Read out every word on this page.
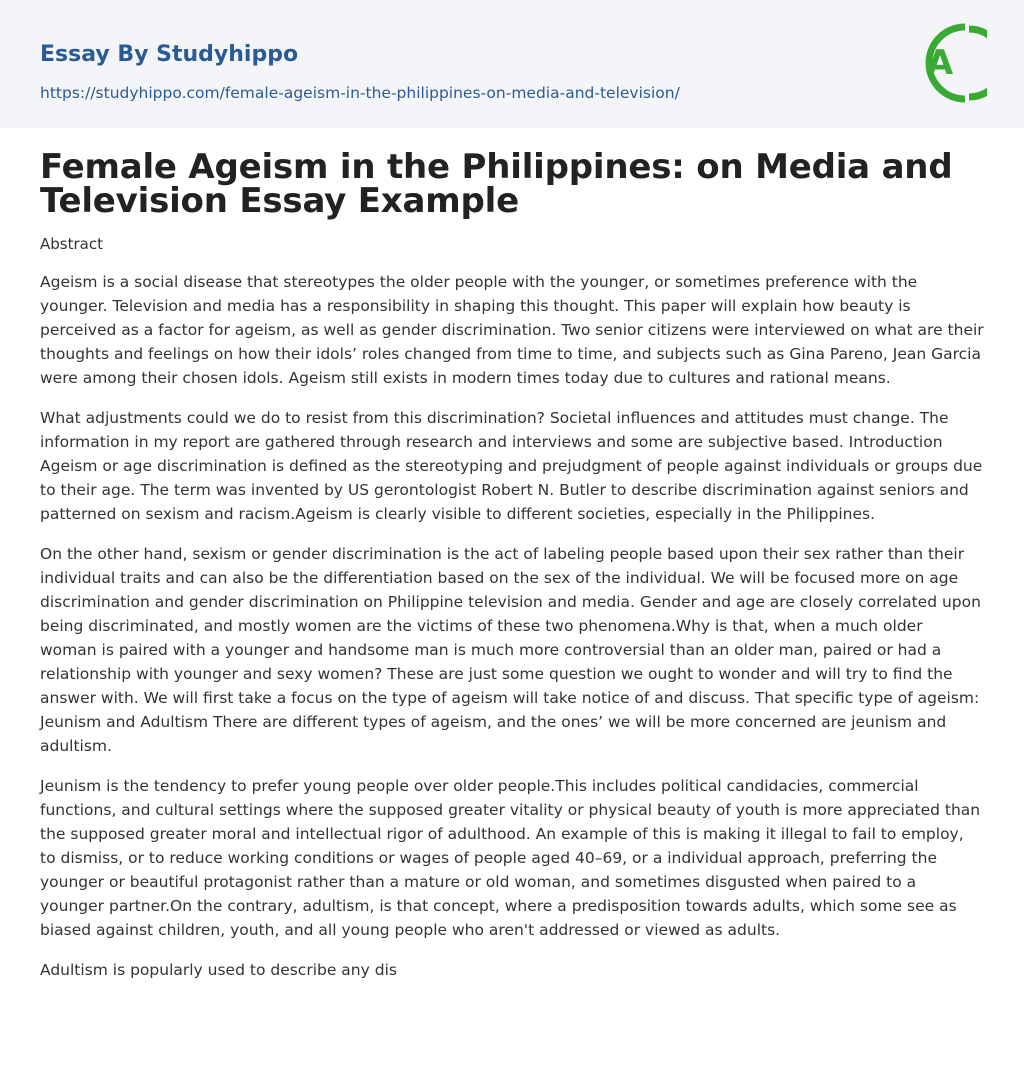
Essay By Studyhippo
https://studyhippo.com/female-ageism-in-the-philippines-on-media-and-television/
A
Female Ageism in the Philippines: on Media and Television Essay Example
Abstract

Ageism is a social disease that stereotypes the older people with the younger, or sometimes preference with the younger. Television and media has a responsibility in shaping this thought. This paper will explain how beauty is perceived as a factor for ageism, as well as gender discrimination. Two senior citizens were interviewed on what are their thoughts and feelings on how their idols’ roles changed from time to time, and subjects such as Gina Pareno, Jean Garcia were among their chosen idols. Ageism still exists in modern times today due to cultures and rational means.

What adjustments could we do to resist from this discrimination? Societal influences and attitudes must change. The information in my report are gathered through research and interviews and some are subjective based. Introduction Ageism or age discrimination is defined as the stereotyping and prejudgment of people against individuals or groups due to their age. The term was invented by US gerontologist Robert N. Butler to describe discrimination against seniors and patterned on sexism and racism.Ageism is clearly visible to different societies, especially in the Philippines.

On the other hand, sexism or gender discrimination is the act of labeling people based upon their sex rather than their individual traits and can also be the differentiation based on the sex of the individual. We will be focused more on age discrimination and gender discrimination on Philippine television and media. Gender and age are closely correlated upon being discriminated, and mostly women are the victims of these two phenomena.Why is that, when a much older woman is paired with a younger and handsome man is much more controversial than an older man, paired or had a relationship with younger and sexy women? These are just some question we ought to wonder and will try to find the answer with. We will first take a focus on the type of ageism will take notice of and discuss. That specific type of ageism: Jeunism and Adultism There are different types of ageism, and the ones’ we will be more concerned are jeunism and adultism.

Jeunism is the tendency to prefer young people over older people.This includes political candidacies, commercial functions, and cultural settings where the supposed greater vitality or physical beauty of youth is more appreciated than the supposed greater moral and intellectual rigor of adulthood. An example of this is making it illegal to fail to employ, to dismiss, or to reduce working conditions or wages of people aged 40–69, or a individual approach, preferring the younger or beautiful protagonist rather than a mature or old woman, and sometimes disgusted when paired to a younger partner.On the contrary, adultism, is that concept, where a predisposition towards adults, which some see as biased against children, youth, and all young people who aren't addressed or viewed as adults.

Adultism is popularly used to describe any dis
